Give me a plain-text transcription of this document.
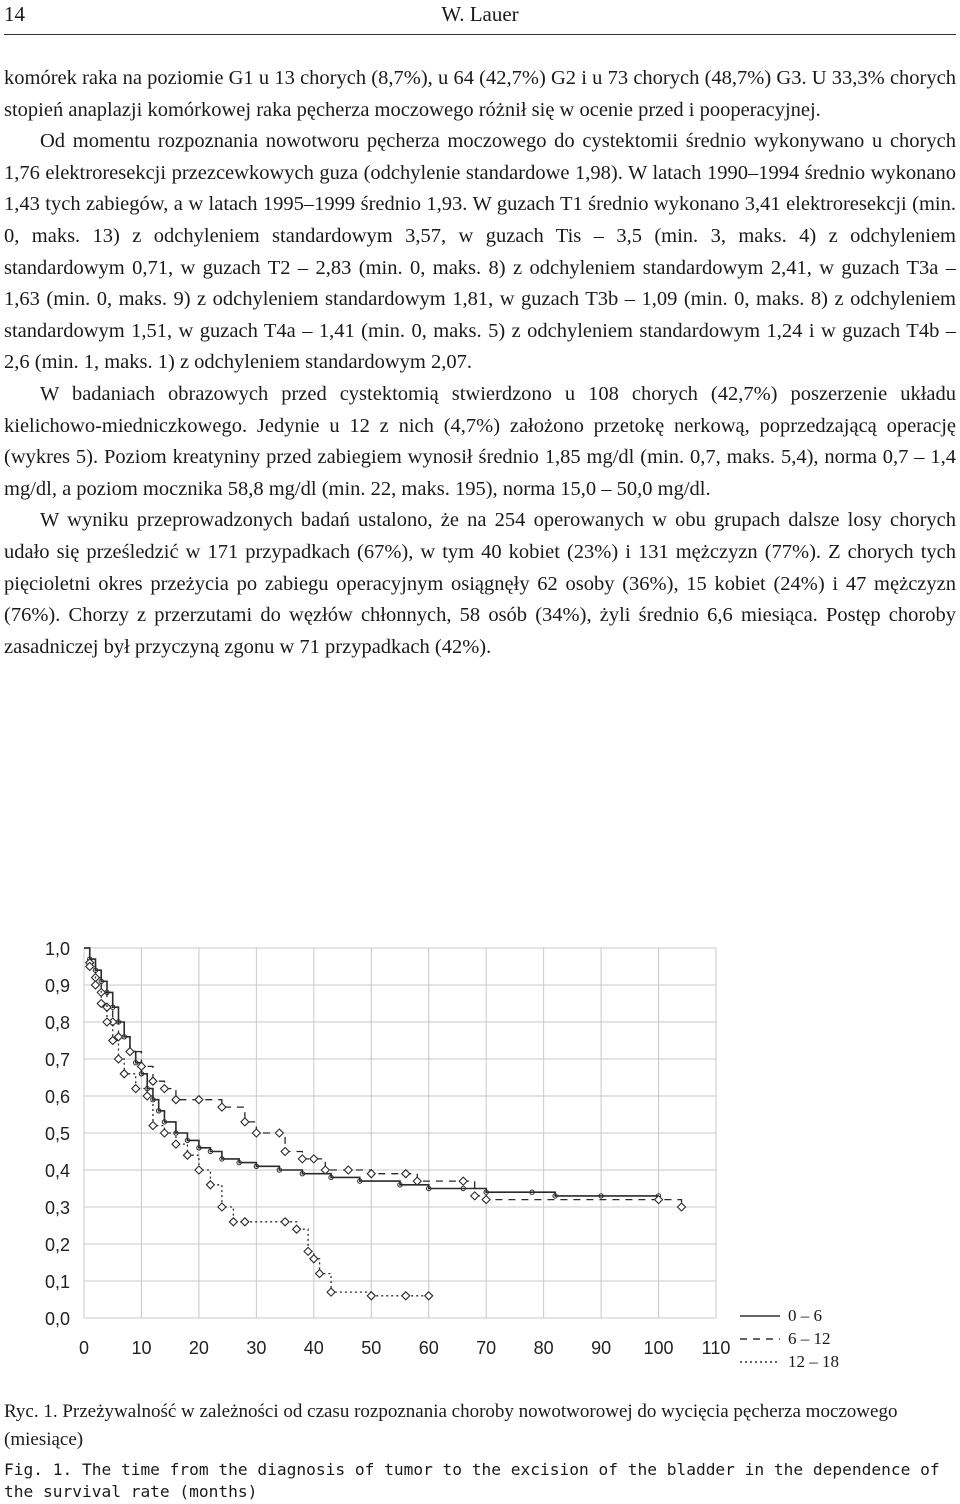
14	W. Lauer

komórek raka na poziomie G1 u 13 chorych (8,7%), u 64 (42,7%) G2 i u 73 chorych (48,7%) G3. U 33,3% chorych stopień anaplazji komórkowej raka pęcherza moczowego różnił się w ocenie przed i pooperacyjnej.

Od momentu rozpoznania nowotworu pęcherza moczowego do cystektomii średnio wykonywano u chorych 1,76 elektroresekcji przezcewkowych guza (odchylenie standardowe 1,98). W latach 1990–1994 średnio wykonano 1,43 tych zabiegów, a w latach 1995–1999 średnio 1,93. W guzach T1 średnio wykonano 3,41 elektroresekcji (min. 0, maks. 13) z odchyleniem standardowym 3,57, w guzach Tis – 3,5 (min. 3, maks. 4) z odchyleniem standardowym 0,71, w guzach T2 – 2,83 (min. 0, maks. 8) z odchyleniem standardowym 2,41, w guzach T3a – 1,63 (min. 0, maks. 9) z odchyleniem standardowym 1,81, w guzach T3b – 1,09 (min. 0, maks. 8) z odchyleniem standardowym 1,51, w guzach T4a – 1,41 (min. 0, maks. 5) z odchyleniem standardowym 1,24 i w guzach T4b – 2,6 (min. 1, maks. 1) z odchyleniem standardowym 2,07.

W badaniach obrazowych przed cystektomią stwierdzono u 108 chorych (42,7%) poszerzenie układu kielichowo-miedniczkowego. Jedynie u 12 z nich (4,7%) założono przetokę nerkową, poprzedzającą operację (wykres 5). Poziom kreatyniny przed zabiegiem wynosił średnio 1,85 mg/dl (min. 0,7, maks. 5,4), norma 0,7 – 1,4 mg/dl, a poziom mocznika 58,8 mg/dl (min. 22, maks. 195), norma 15,0 – 50,0 mg/dl.

W wyniku przeprowadzonych badań ustalono, że na 254 operowanych w obu grupach dalsze losy chorych udało się prześledzić w 171 przypadkach (67%), w tym 40 kobiet (23%) i 131 mężczyzn (77%). Z chorych tych pięcioletni okres przeżycia po zabiegu operacyjnym osiągnęły 62 osoby (36%), 15 kobiet (24%) i 47 mężczyzn (76%). Chorzy z przerzutami do węzłów chłonnych, 58 osób (34%), żyli średnio 6,6 miesiąca. Postęp choroby zasadniczej był przyczyną zgonu w 71 przypadkach (42%).

0,0
0,1
0,2
0,3
0,4
0,5
0,6
0,7
0,8
0,9
1,0
0 10 20 30 40 50 60 70 80 90 100 110
0 – 6
6 – 12
12 – 18
Ryc. 1. Przeżywalność w zależności od czasu rozpoznania choroby nowotworowej do wycięcia pęcherza moczowego (miesiące)
Fig. 1. The time from the diagnosis of tumor to the excision of the bladder in the dependence of the survival rate (months)
